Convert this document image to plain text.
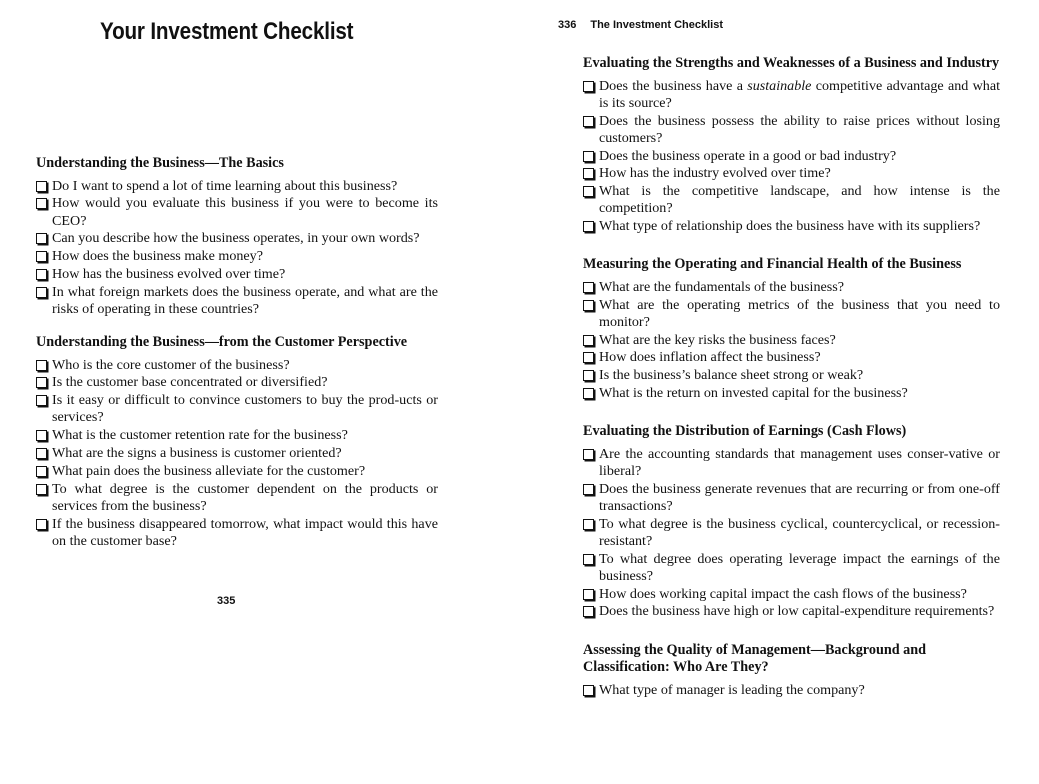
Your Investment Checklist
Understanding the Business—The Basics
Do I want to spend a lot of time learning about this business?
How would you evaluate this business if you were to become its CEO?
Can you describe how the business operates, in your own words?
How does the business make money?
How has the business evolved over time?
In what foreign markets does the business operate, and what are the risks of operating in these countries?
Understanding the Business—from the Customer Perspective
Who is the core customer of the business?
Is the customer base concentrated or diversified?
Is it easy or difficult to convince customers to buy the prod-ucts or services?
What is the customer retention rate for the business?
What are the signs a business is customer oriented?
What pain does the business alleviate for the customer?
To what degree is the customer dependent on the products or services from the business?
If the business disappeared tomorrow, what impact would this have on the customer base?
335
336 The Investment Checklist
Evaluating the Strengths and Weaknesses of a Business and Industry
Does the business have a sustainable competitive advantage and what is its source?
Does the business possess the ability to raise prices without losing customers?
Does the business operate in a good or bad industry?
How has the industry evolved over time?
What is the competitive landscape, and how intense is the competition?
What type of relationship does the business have with its suppliers?
Measuring the Operating and Financial Health of the Business
What are the fundamentals of the business?
What are the operating metrics of the business that you need to monitor?
What are the key risks the business faces?
How does inflation affect the business?
Is the business’s balance sheet strong or weak?
What is the return on invested capital for the business?
Evaluating the Distribution of Earnings (Cash Flows)
Are the accounting standards that management uses conser-vative or liberal?
Does the business generate revenues that are recurring or from one-off transactions?
To what degree is the business cyclical, countercyclical, or recession-resistant?
To what degree does operating leverage impact the earnings of the business?
How does working capital impact the cash flows of the business?
Does the business have high or low capital-expenditure requirements?
Assessing the Quality of Management—Background and Classification: Who Are They?
What type of manager is leading the company?
